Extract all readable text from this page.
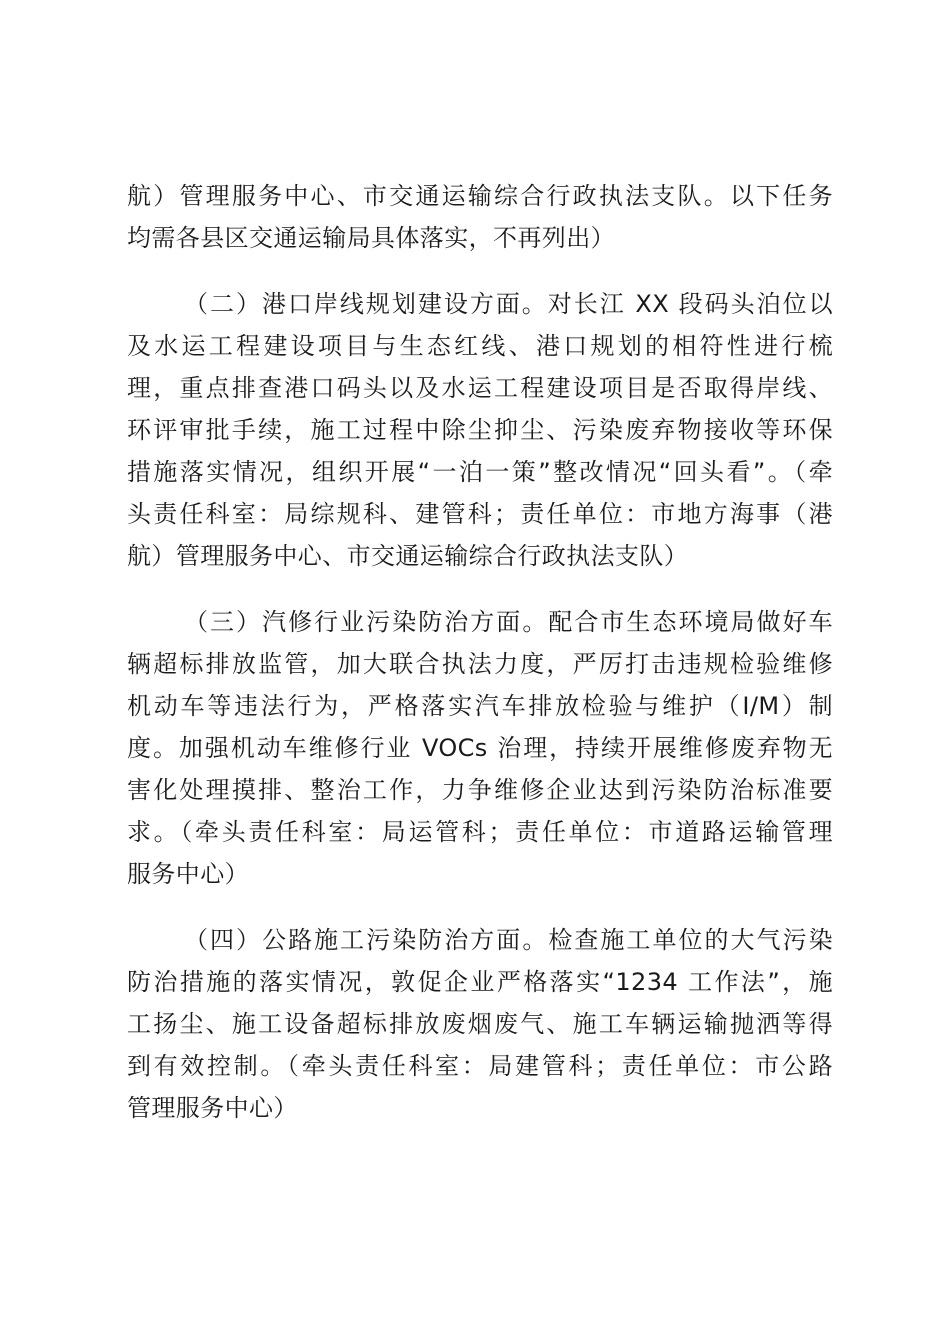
航）管理服务中心、市交通运输综合行政执法支队。以下任务
均需各县区交通运输局具体落实，不再列出）
（二）港口岸线规划建设方面。对长江 XX 段码头泊位以
及水运工程建设项目与生态红线、港口规划的相符性进行梳
理，重点排查港口码头以及水运工程建设项目是否取得岸线、
环评审批手续，施工过程中除尘抑尘、污染废弃物接收等环保
措施落实情况，组织开展“一泊一策”整改情况“回头看”。（牵
头责任科室：局综规科、建管科；责任单位：市地方海事（港
航）管理服务中心、市交通运输综合行政执法支队）
（三）汽修行业污染防治方面。配合市生态环境局做好车
辆超标排放监管，加大联合执法力度，严厉打击违规检验维修
机动车等违法行为，严格落实汽车排放检验与维护（I/M）制
度。加强机动车维修行业 VOCs 治理，持续开展维修废弃物无
害化处理摸排、整治工作，力争维修企业达到污染防治标准要
求。（牵头责任科室：局运管科；责任单位：市道路运输管理
服务中心）
（四）公路施工污染防治方面。检查施工单位的大气污染
防治措施的落实情况，敦促企业严格落实“1234 工作法”，施
工扬尘、施工设备超标排放废烟废气、施工车辆运输抛洒等得
到有效控制。（牵头责任科室：局建管科；责任单位：市公路
管理服务中心）
